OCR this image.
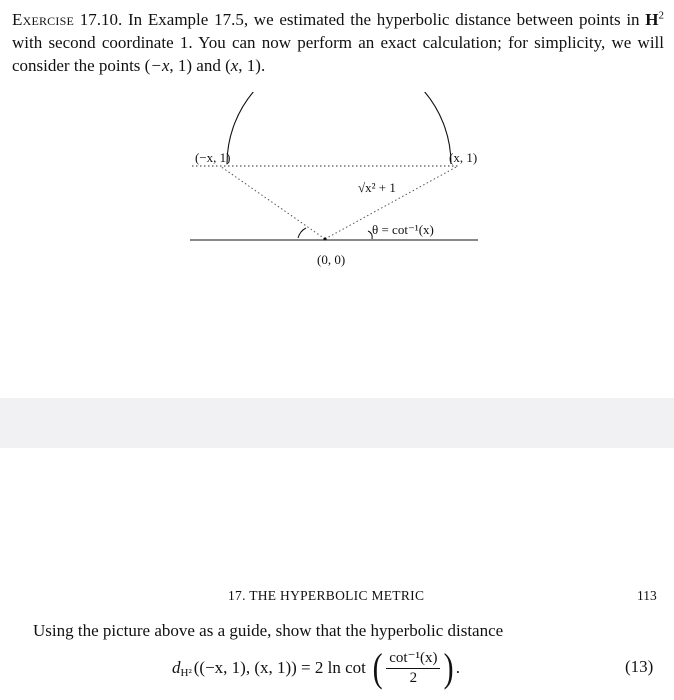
Exercise 17.10. In Example 17.5, we estimated the hyperbolic distance between points in $H^2$ with second coordinate 1. You can now perform an exact calculation; for simplicity, we will consider the points (−x, 1) and (x, 1).
(−x, 1)	(x, 1)
√x² + 1
θ = cot⁻¹(x)
(0, 0)
17. THE HYPERBOLIC METRIC	113
Using the picture above as a guide, show that the hyperbolic distance
d H² ((−x, 1), (x, 1)) = 2 ln cot ( $\frac{\text{cot⁻¹(x)}}{2}$ ) .	(13)
